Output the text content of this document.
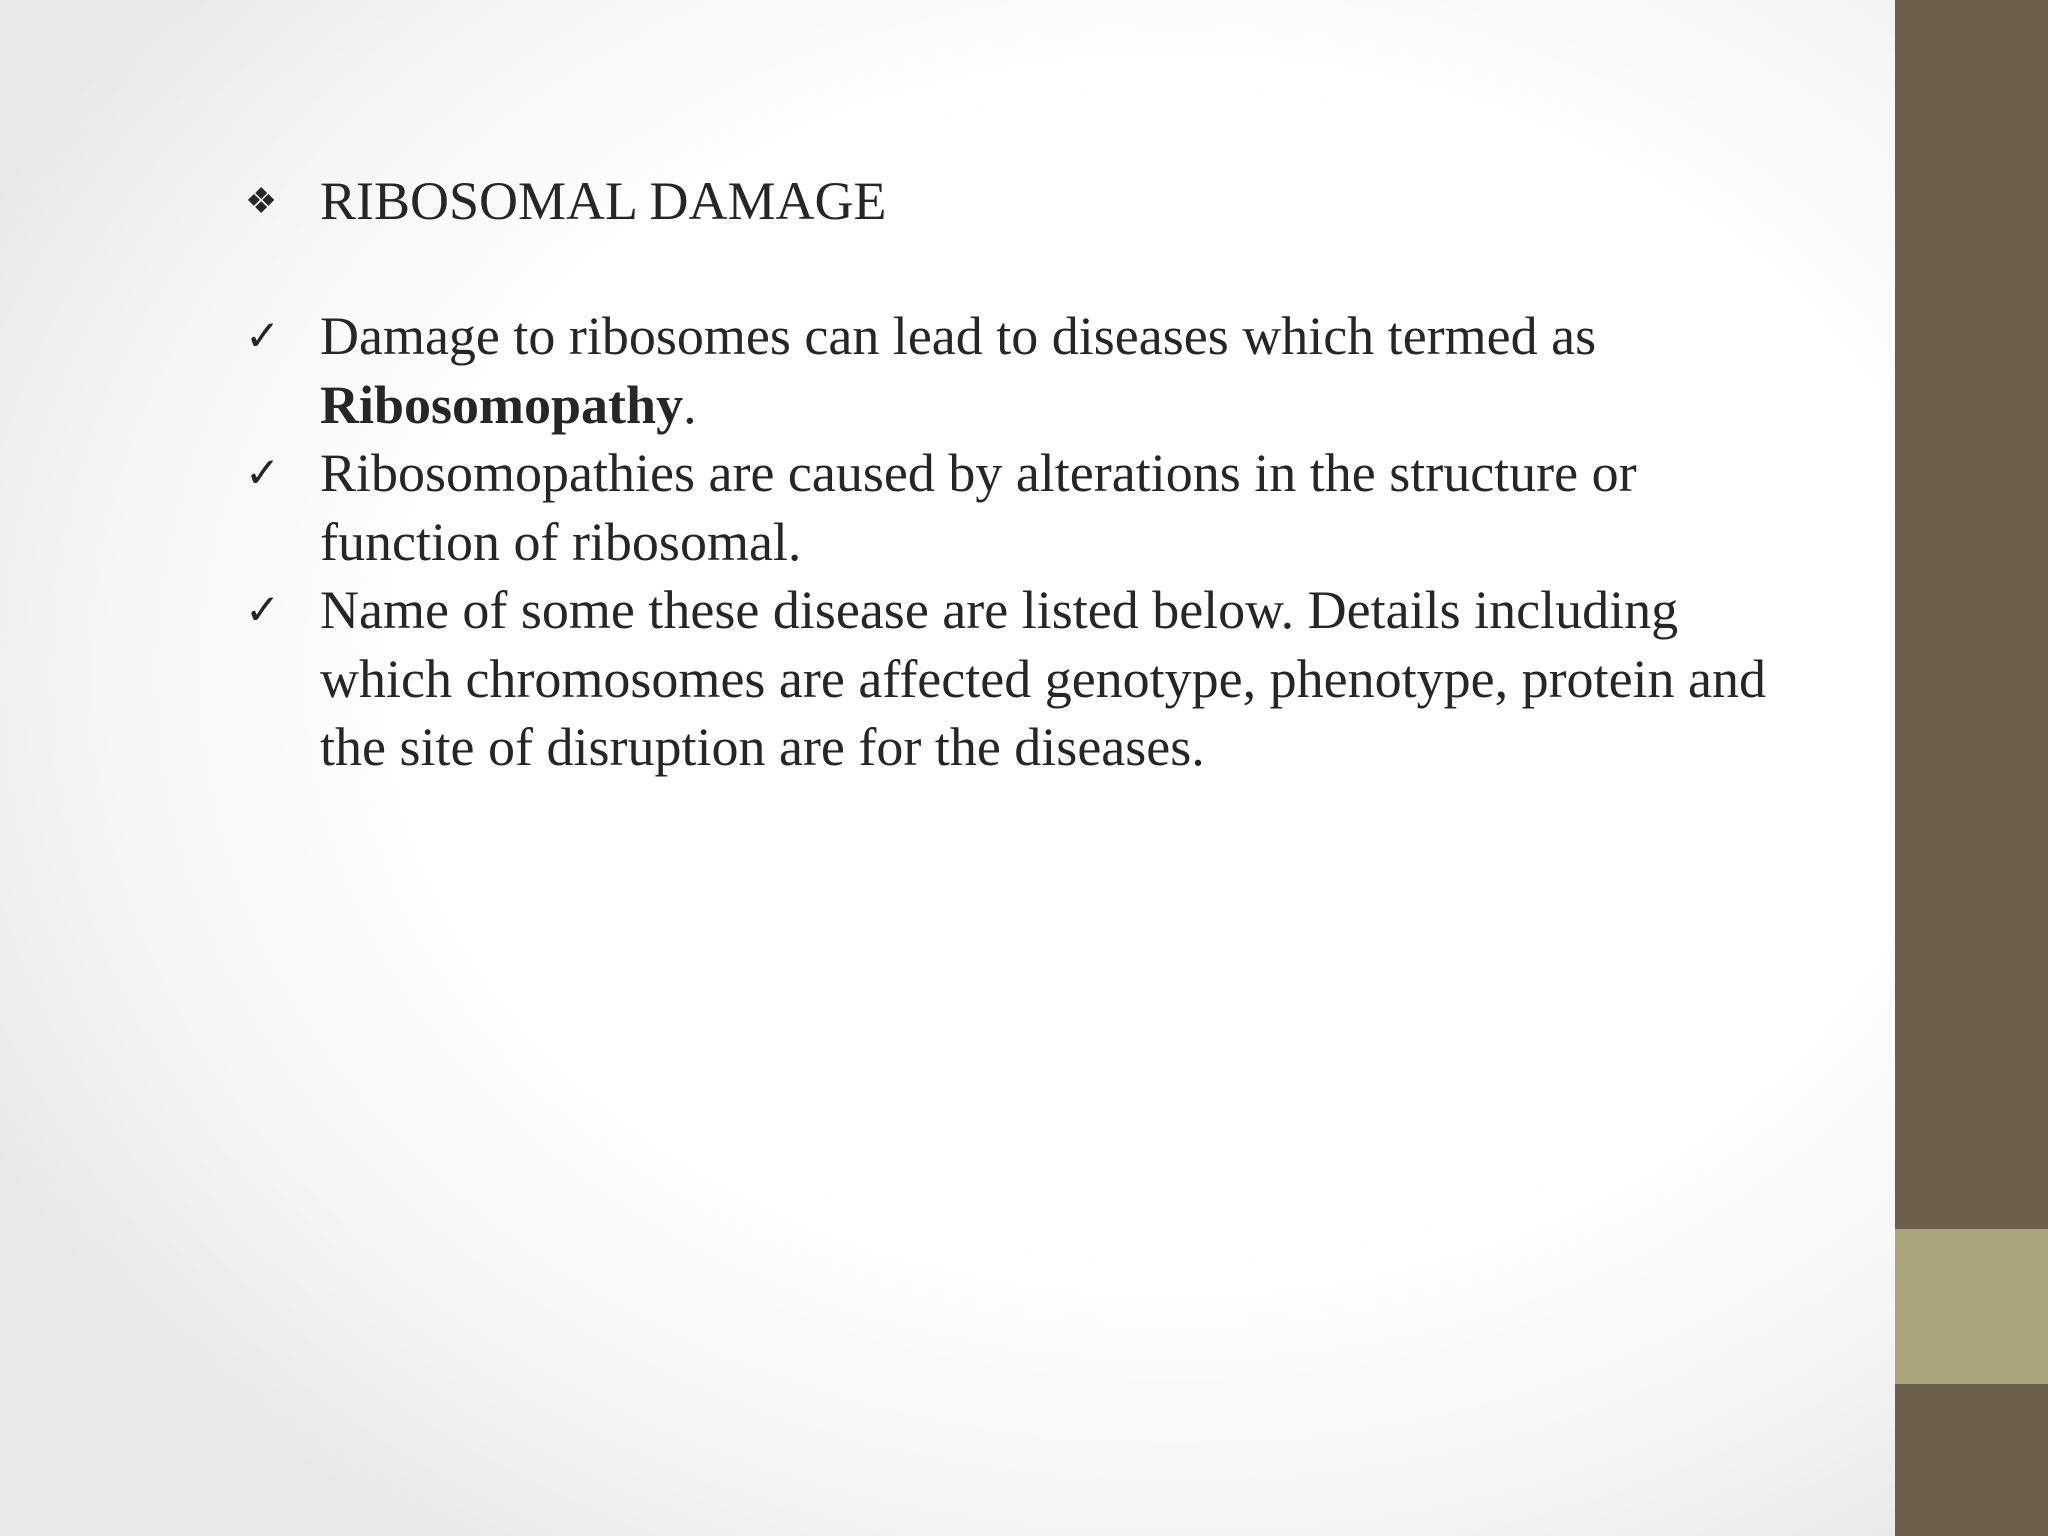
❖ RIBOSOMAL DAMAGE
✓ Damage to ribosomes can lead to diseases which termed as Ribosomopathy.
✓ Ribosomopathies are caused by alterations in the structure or function of ribosomal.
✓ Name of some these disease are listed below. Details including which chromosomes are affected genotype, phenotype, protein and the site of disruption are for the diseases.
